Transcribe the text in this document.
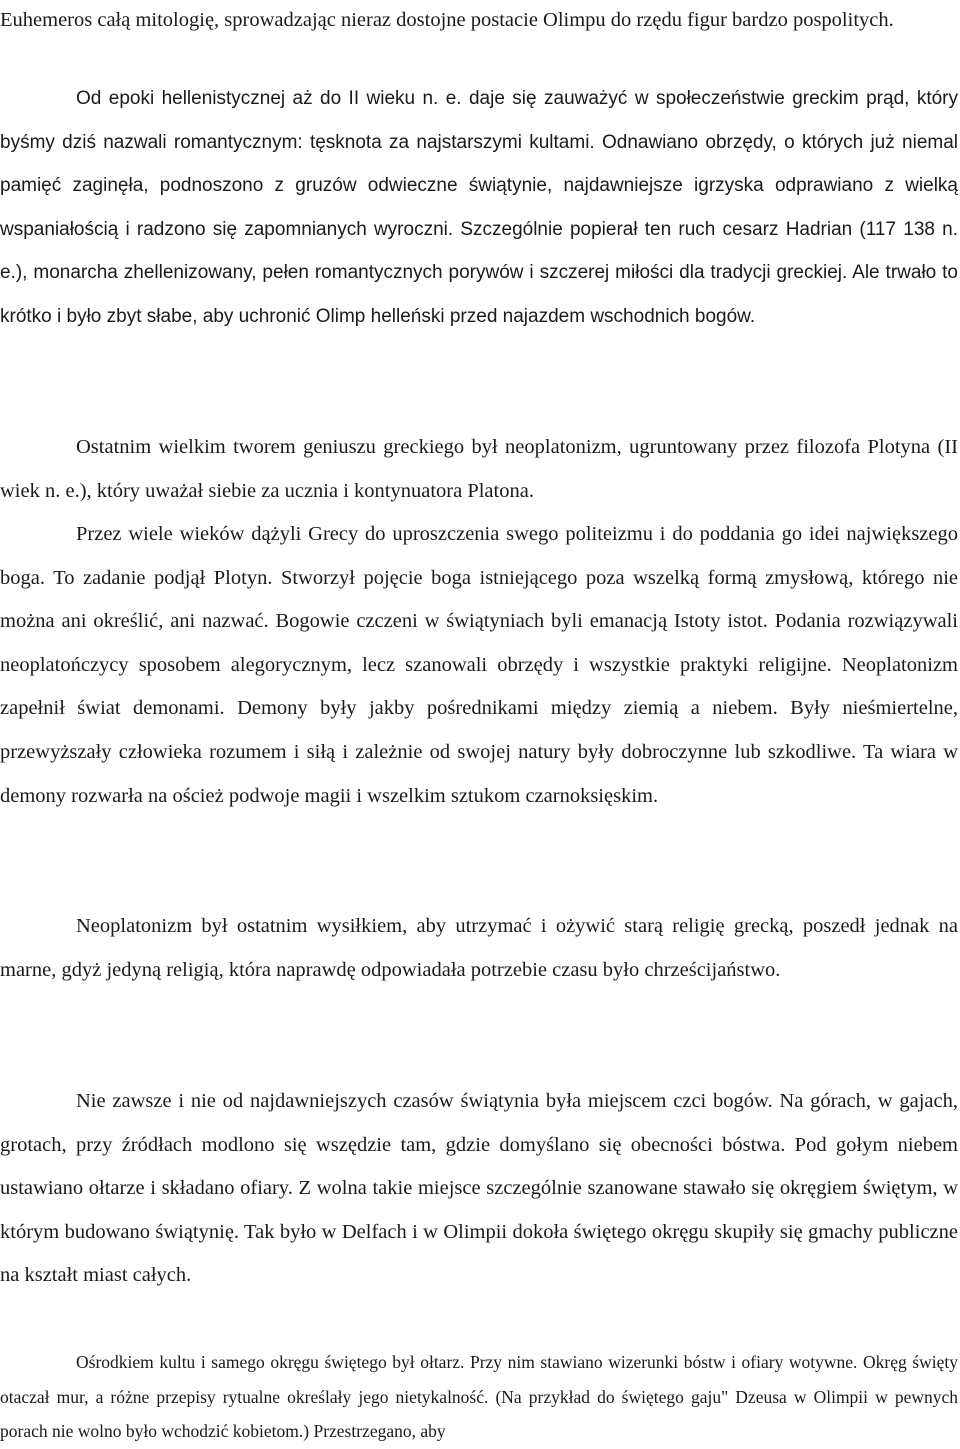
Euhemeros całą mitologię, sprowadzając nieraz dostojne postacie Olimpu do rzędu figur bardzo pospolitych.

Od epoki hellenistycznej aż do II wieku n. e. daje się zauważyć w społeczeństwie greckim prąd, który byśmy dziś nazwali romantycznym: tęsknota za najstarszymi kultami. Odnawiano obrzędy, o których już niemal pamięć zaginęła, podnoszono z gruzów odwieczne świątynie, najdawniejsze igrzyska odprawiano z wielką wspaniałością i radzono się zapomnianych wyroczni. Szczególnie popierał ten ruch cesarz Hadrian (117 138 n. e.), monarcha zhellenizowany, pełen romantycznych porywów i szczerej miłości dla tradycji greckiej. Ale trwało to krótko i było zbyt słabe, aby uchronić Olimp helleński przed najazdem wschodnich bogów.

Ostatnim wielkim tworem geniuszu greckiego był neoplatonizm, ugruntowany przez filozofa Plotyna (II wiek n. e.), który uważał siebie za ucznia i kontynuatora Platona.

Przez wiele wieków dążyli Grecy do uproszczenia swego politeizmu i do poddania go idei największego boga. To zadanie podjął Plotyn. Stworzył pojęcie boga istniejącego poza wszelką formą zmysłową, którego nie można ani określić, ani nazwać. Bogowie czczeni w świątyniach byli emanacją Istoty istot. Podania rozwiązywali neoplatończycy sposobem alegorycznym, lecz szanowali obrzędy i wszystkie praktyki religijne. Neoplatonizm zapełnił świat demonami. Demony były jakby pośrednikami między ziemią a niebem. Były nieśmiertelne, przewyższały człowieka rozumem i siłą i zależnie od swojej natury były dobroczynne lub szkodliwe. Ta wiara w demony rozwarła na oścież podwoje magii i wszelkim sztukom czarnoksięskim.

Neoplatonizm był ostatnim wysiłkiem, aby utrzymać i ożywić starą religię grecką, poszedł jednak na marne, gdyż jedyną religią, która naprawdę odpowiadała potrzebie czasu było chrześcijaństwo.

Nie zawsze i nie od najdawniejszych czasów świątynia była miejscem czci bogów. Na górach, w gajach, grotach, przy źródłach modlono się wszędzie tam, gdzie domyślano się obecności bóstwa. Pod gołym niebem ustawiano ołtarze i składano ofiary. Z wolna takie miejsce szczególnie szanowane stawało się okręgiem świętym, w którym budowano świątynię. Tak było w Delfach i w Olimpii dokoła świętego okręgu skupiły się gmachy publiczne na kształt miast całych.

Ośrodkiem kultu i samego okręgu świętego był ołtarz. Przy nim stawiano wizerunki bóstw i ofiary wotywne. Okręg święty otaczał mur, a różne przepisy rytualne określały jego nietykalność. (Na przykład do świętego gaju" Dzeusa w Olimpii w pewnych porach nie wolno było wchodzić kobietom.) Przestrzegano, aby
